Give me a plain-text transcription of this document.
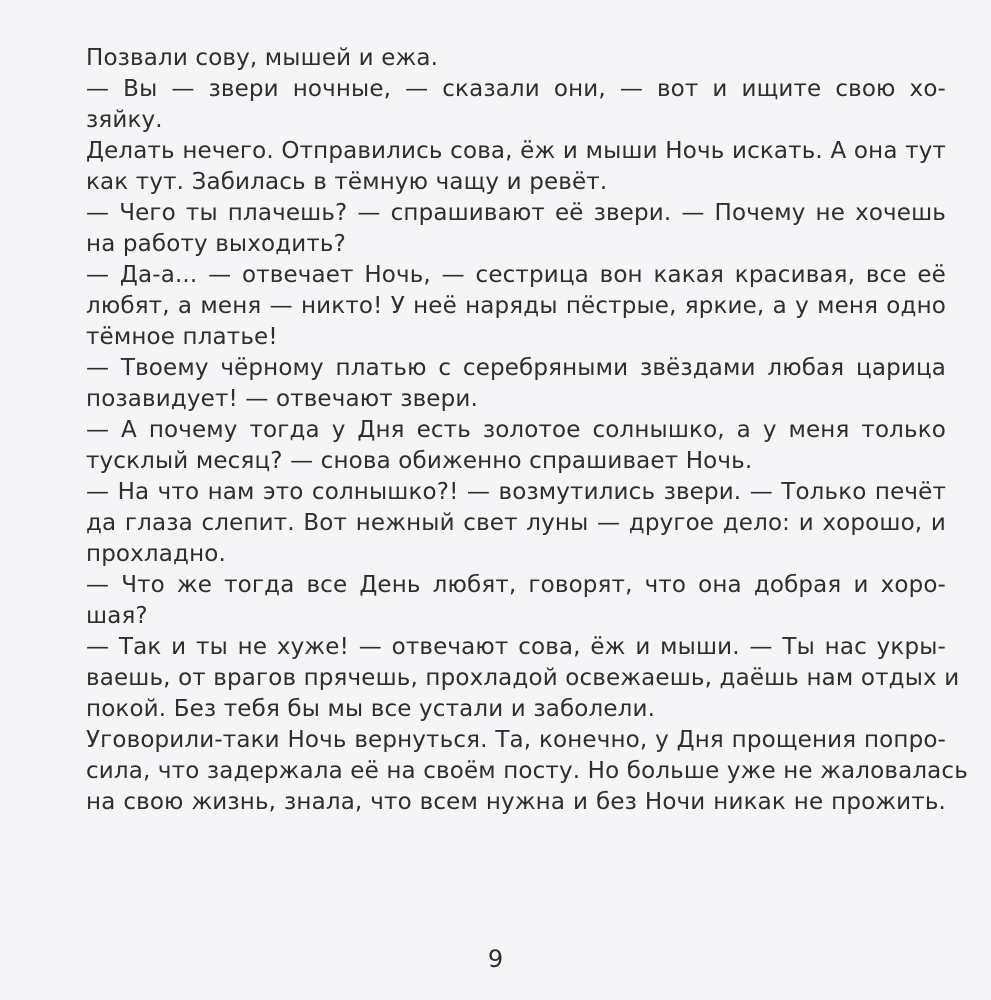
Позвали сову, мышей и ежа.
— Вы — звери ночные, — сказали они, — вот и ищите свою хо-
зяйку.
Делать нечего. Отправились сова, ёж и мыши Ночь искать. А она тут
как тут. Забилась в тёмную чащу и ревёт.
— Чего ты плачешь? — спрашивают её звери. — Почему не хочешь
на работу выходить?
— Да-а... — отвечает Ночь, — сестрица вон какая красивая, все её
любят, а меня — никто! У неё наряды пёстрые, яркие, а у меня одно
тёмное платье!
— Твоему чёрному платью с серебряными звёздами любая царица
позавидует! — отвечают звери.
— А почему тогда у Дня есть золотое солнышко, а у меня только
тусклый месяц? — снова обиженно спрашивает Ночь.
— На что нам это солнышко?! — возмутились звери. — Только печёт
да глаза слепит. Вот нежный свет луны — другое дело: и хорошо, и
прохладно.
— Что же тогда все День любят, говорят, что она добрая и хоро-
шая?
— Так и ты не хуже! — отвечают сова, ёж и мыши. — Ты нас укры-
ваешь, от врагов прячешь, прохладой освежаешь, даёшь нам отдых и
покой. Без тебя бы мы все устали и заболели.
Уговорили-таки Ночь вернуться. Та, конечно, у Дня прощения попро-
сила, что задержала её на своём посту. Но больше уже не жаловалась
на свою жизнь, знала, что всем нужна и без Ночи никак не прожить.
9
